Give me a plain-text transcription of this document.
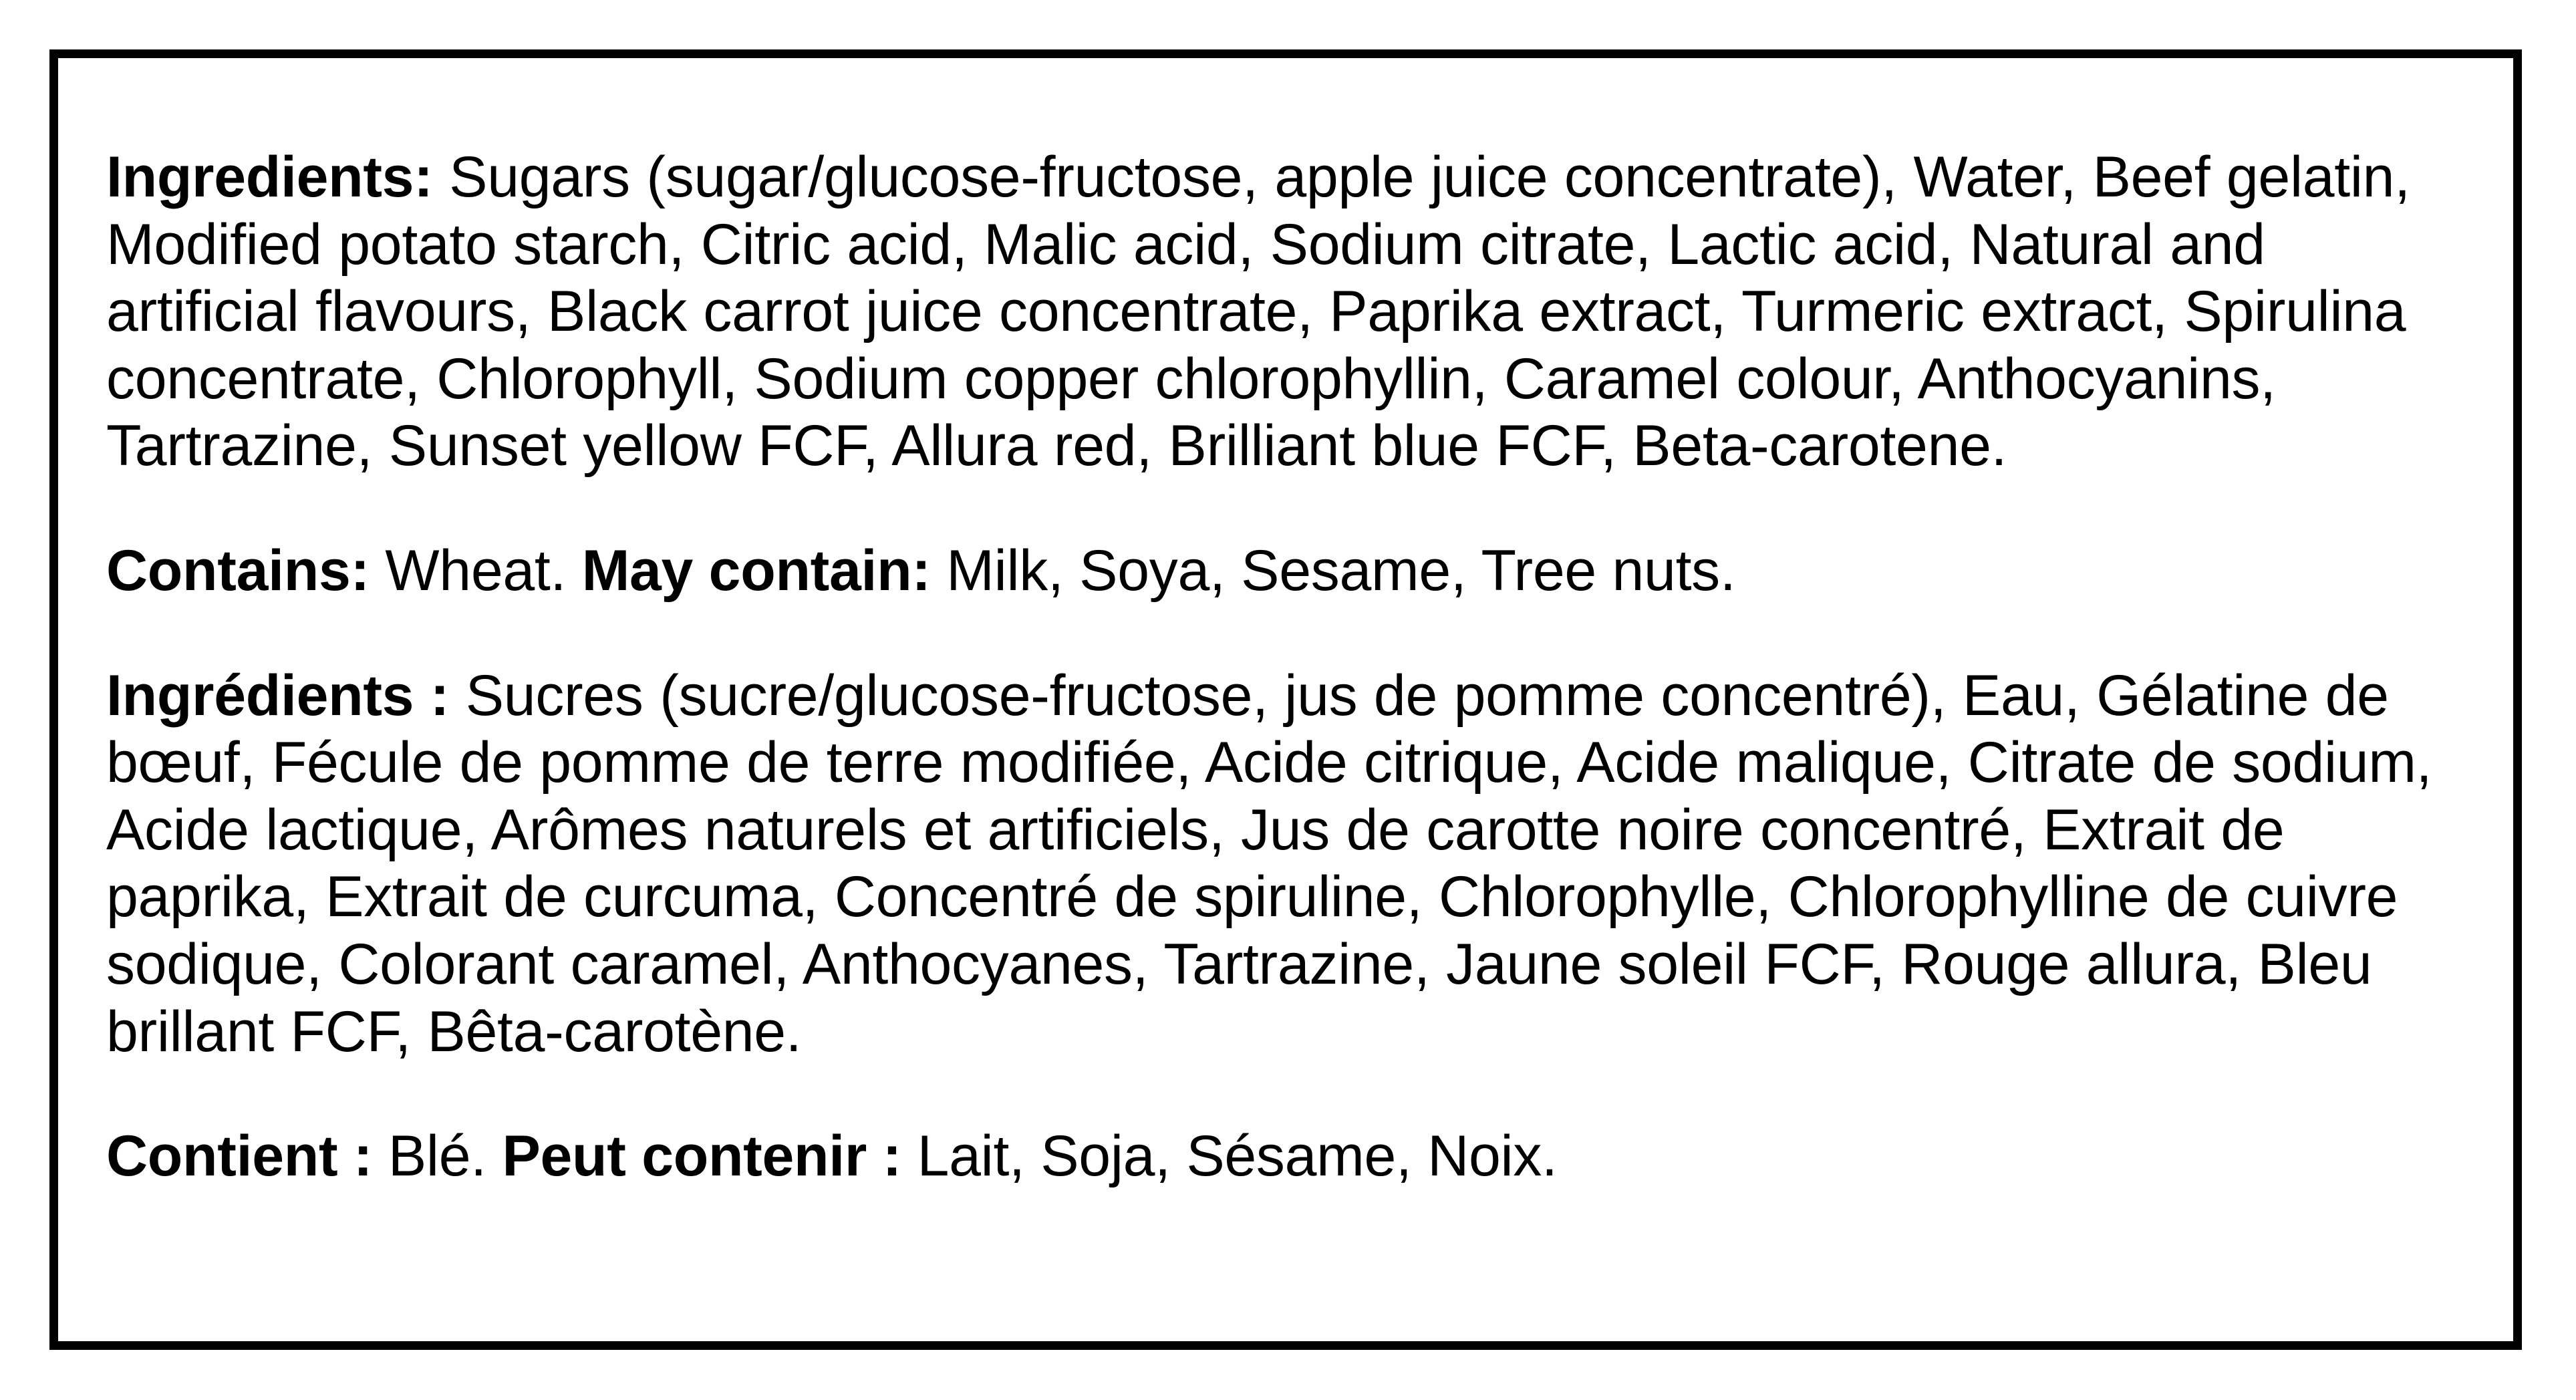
Ingredients: Sugars (sugar/glucose-fructose, apple juice concentrate), Water, Beef gelatin, Modified potato starch, Citric acid, Malic acid, Sodium citrate, Lactic acid, Natural and artificial flavours, Black carrot juice concentrate, Paprika extract, Turmeric extract, Spirulina concentrate, Chlorophyll, Sodium copper chlorophyllin, Caramel colour, Anthocyanins, Tartrazine, Sunset yellow FCF, Allura red, Brilliant blue FCF, Beta-carotene.

Contains: Wheat. May contain: Milk, Soya, Sesame, Tree nuts.

Ingrédients : Sucres (sucre/glucose-fructose, jus de pomme concentré), Eau, Gélatine de bœuf, Fécule de pomme de terre modifiée, Acide citrique, Acide malique, Citrate de sodium, Acide lactique, Arômes naturels et artificiels, Jus de carotte noire concentré, Extrait de paprika, Extrait de curcuma, Concentré de spiruline, Chlorophylle, Chlorophylline de cuivre sodique, Colorant caramel, Anthocyanes, Tartrazine, Jaune soleil FCF, Rouge allura, Bleu brillant FCF, Bêta-carotène.

Contient : Blé. Peut contenir : Lait, Soja, Sésame, Noix.
